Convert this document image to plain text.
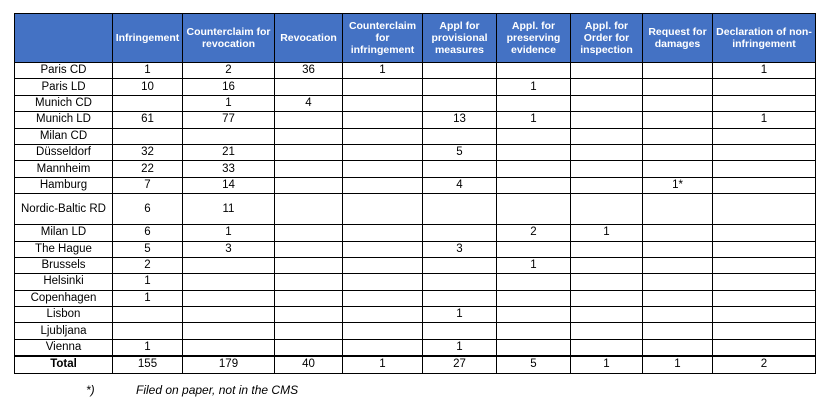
	Infringement	Counterclaim for revocation	Revocation	Counterclaim for infringement	Appl for provisional measures	Appl. for preserving evidence	Appl. for Order for inspection	Request for damages	Declaration of non-infringement
Paris CD	1	2	36	1					1
Paris LD	10	16				1			
Munich CD		1	4						
Munich LD	61	77			13	1			1
Milan CD									
Düsseldorf	32	21			5				
Mannheim	22	33							
Hamburg	7	14			4			1*	
Nordic-Baltic RD	6	11							
Milan LD	6	1				2	1		
The Hague	5	3			3				
Brussels	2					1			
Helsinki	1								
Copenhagen	1								
Lisbon					1				
Ljubljana									
Vienna	1				1				
Total	155	179	40	1	27	5	1	1	2
*)	Filed on paper, not in the CMS
